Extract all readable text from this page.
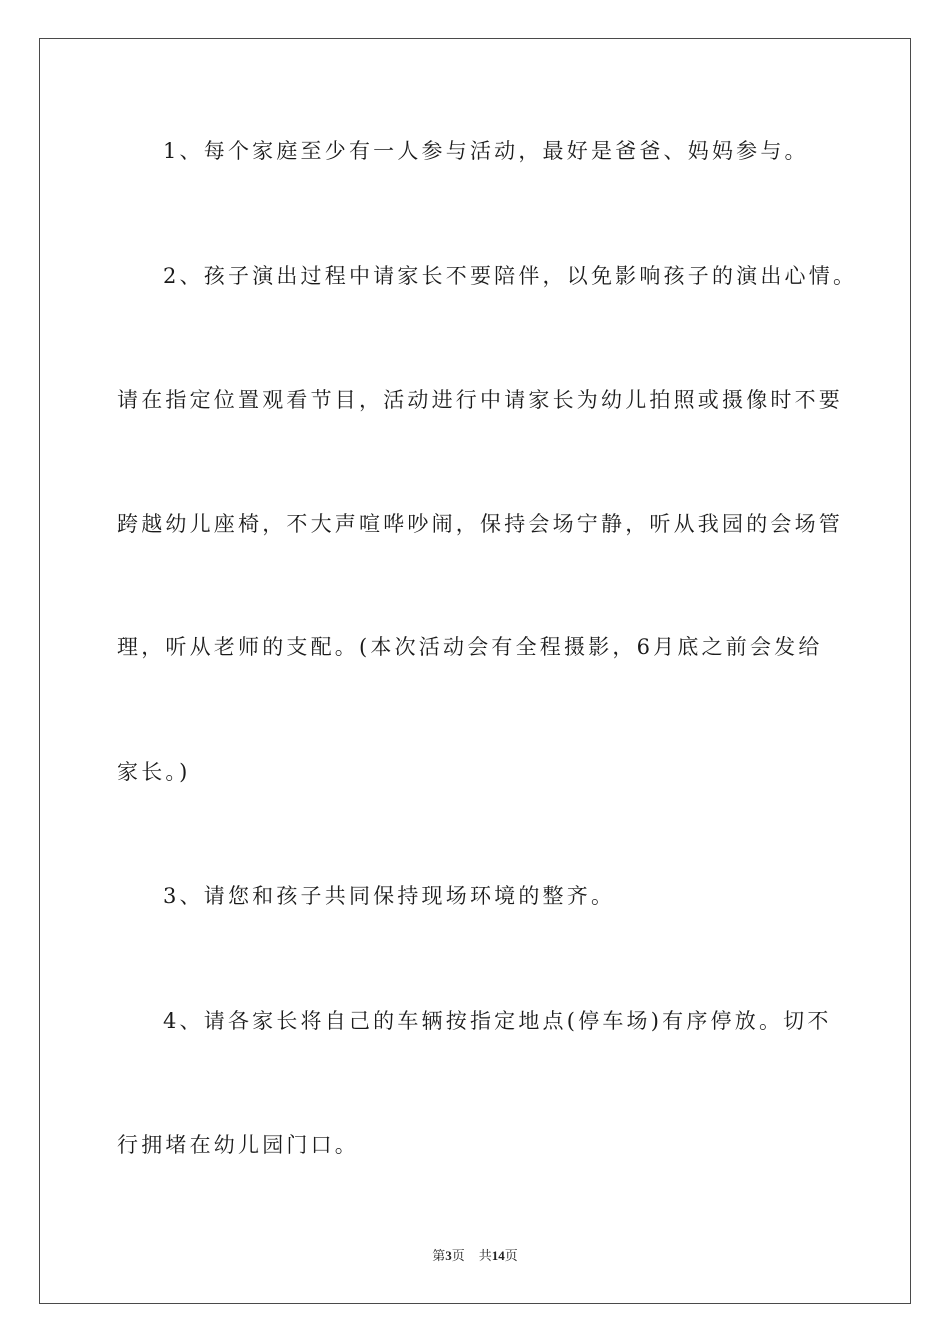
1、每个家庭至少有一人参与活动，最好是爸爸、妈妈参与。
2、孩子演出过程中请家长不要陪伴，以免影响孩子的演出心情。
请在指定位置观看节目，活动进行中请家长为幼儿拍照或摄像时不要
跨越幼儿座椅，不大声喧哗吵闹，保持会场宁静，听从我园的会场管
理，听从老师的支配。(本次活动会有全程摄影，6月底之前会发给
家长。)
3、请您和孩子共同保持现场环境的整齐。
4、请各家长将自己的车辆按指定地点(停车场)有序停放。切不
行拥堵在幼儿园门口。
第3页 共14页
